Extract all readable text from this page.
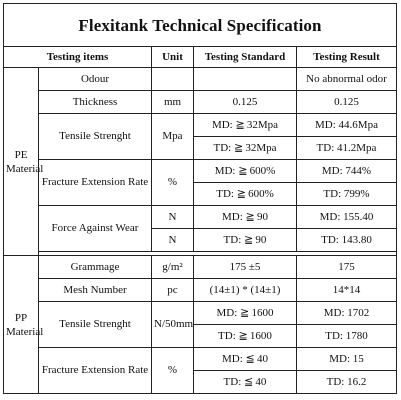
Flexitank Technical Specification				
Testing items		Unit	Testing Standard	Testing Result
PE
Material	Odour			No abnormal odor
	Thickness	mm	0.125	0.125
	Tensile Strenght	Mpa	MD: ≧ 32Mpa	MD: 44.6Mpa
			TD: ≧ 32Mpa	TD: 41.2Mpa
	Fracture Extension Rate	%	MD: ≧ 600%	MD: 744%
			TD: ≧ 600%	TD: 799%
	Force Against Wear	N	MD: ≧ 90	MD: 155.40
		N	TD: ≧ 90	TD: 143.80

PP
Material	Grammage	g/m²	175 ±5	175
	Mesh Number	pc	(14±1) * (14±1)	14*14
	Tensile Strenght	N/50mm	MD: ≧ 1600	MD: 1702
			TD: ≧ 1600	TD: 1780
	Fracture Extension Rate	%	MD: ≦ 40	MD: 15
			TD: ≦ 40	TD: 16.2
